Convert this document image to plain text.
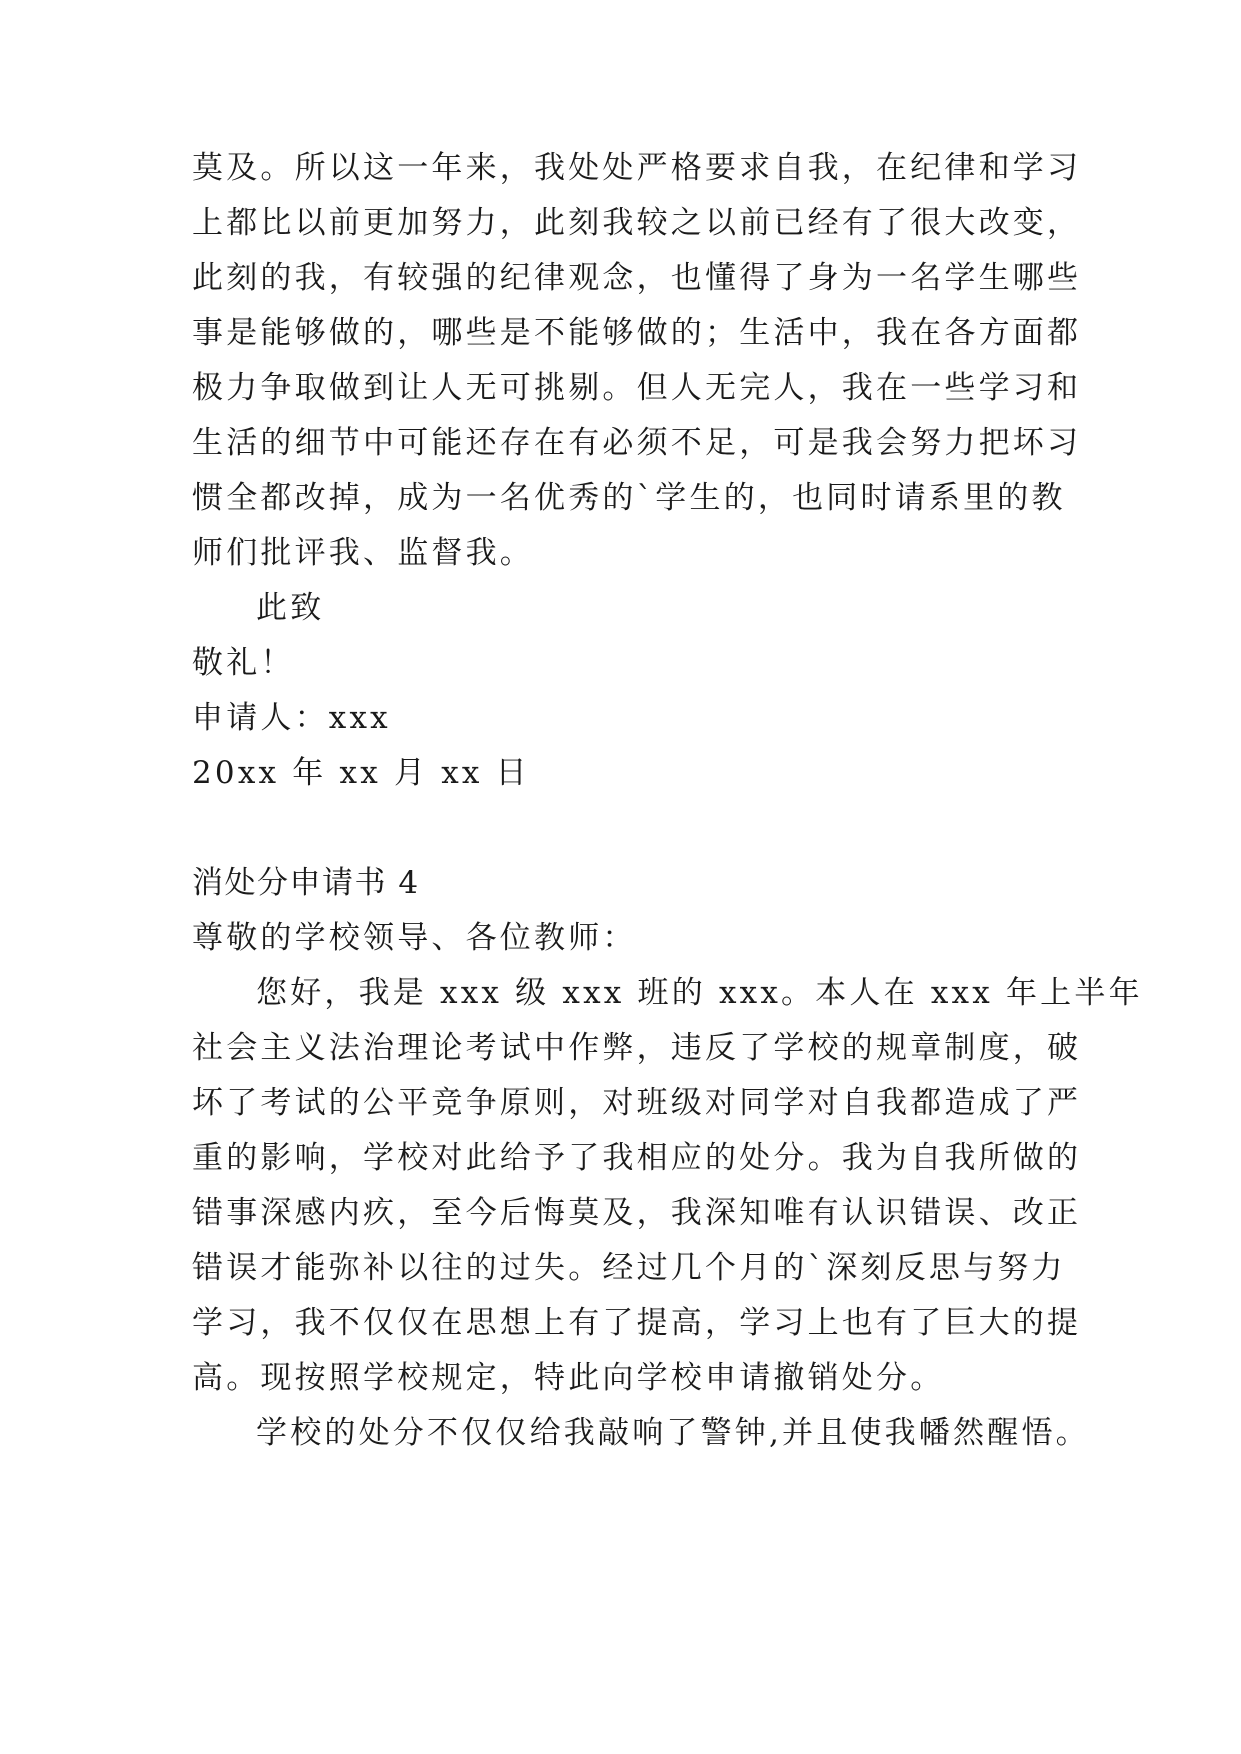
莫及。所以这一年来，我处处严格要求自我，在纪律和学习
上都比以前更加努力，此刻我较之以前已经有了很大改变，
此刻的我，有较强的纪律观念，也懂得了身为一名学生哪些
事是能够做的，哪些是不能够做的；生活中，我在各方面都
极力争取做到让人无可挑剔。但人无完人，我在一些学习和
生活的细节中可能还存在有必须不足，可是我会努力把坏习
惯全都改掉，成为一名优秀的`学生的，也同时请系里的教
师们批评我、监督我。
此致
敬礼！
申请人：xxx
20xx 年 xx 月 xx 日
消处分申请书 4
尊敬的学校领导、各位教师：
您好，我是 xxx 级 xxx 班的 xxx。本人在 xxx 年上半年
社会主义法治理论考试中作弊，违反了学校的规章制度，破
坏了考试的公平竞争原则，对班级对同学对自我都造成了严
重的影响，学校对此给予了我相应的处分。我为自我所做的
错事深感内疚，至今后悔莫及，我深知唯有认识错误、改正
错误才能弥补以往的过失。经过几个月的`深刻反思与努力
学习，我不仅仅在思想上有了提高，学习上也有了巨大的提
高。现按照学校规定，特此向学校申请撤销处分。
学校的处分不仅仅给我敲响了警钟,并且使我幡然醒悟。
